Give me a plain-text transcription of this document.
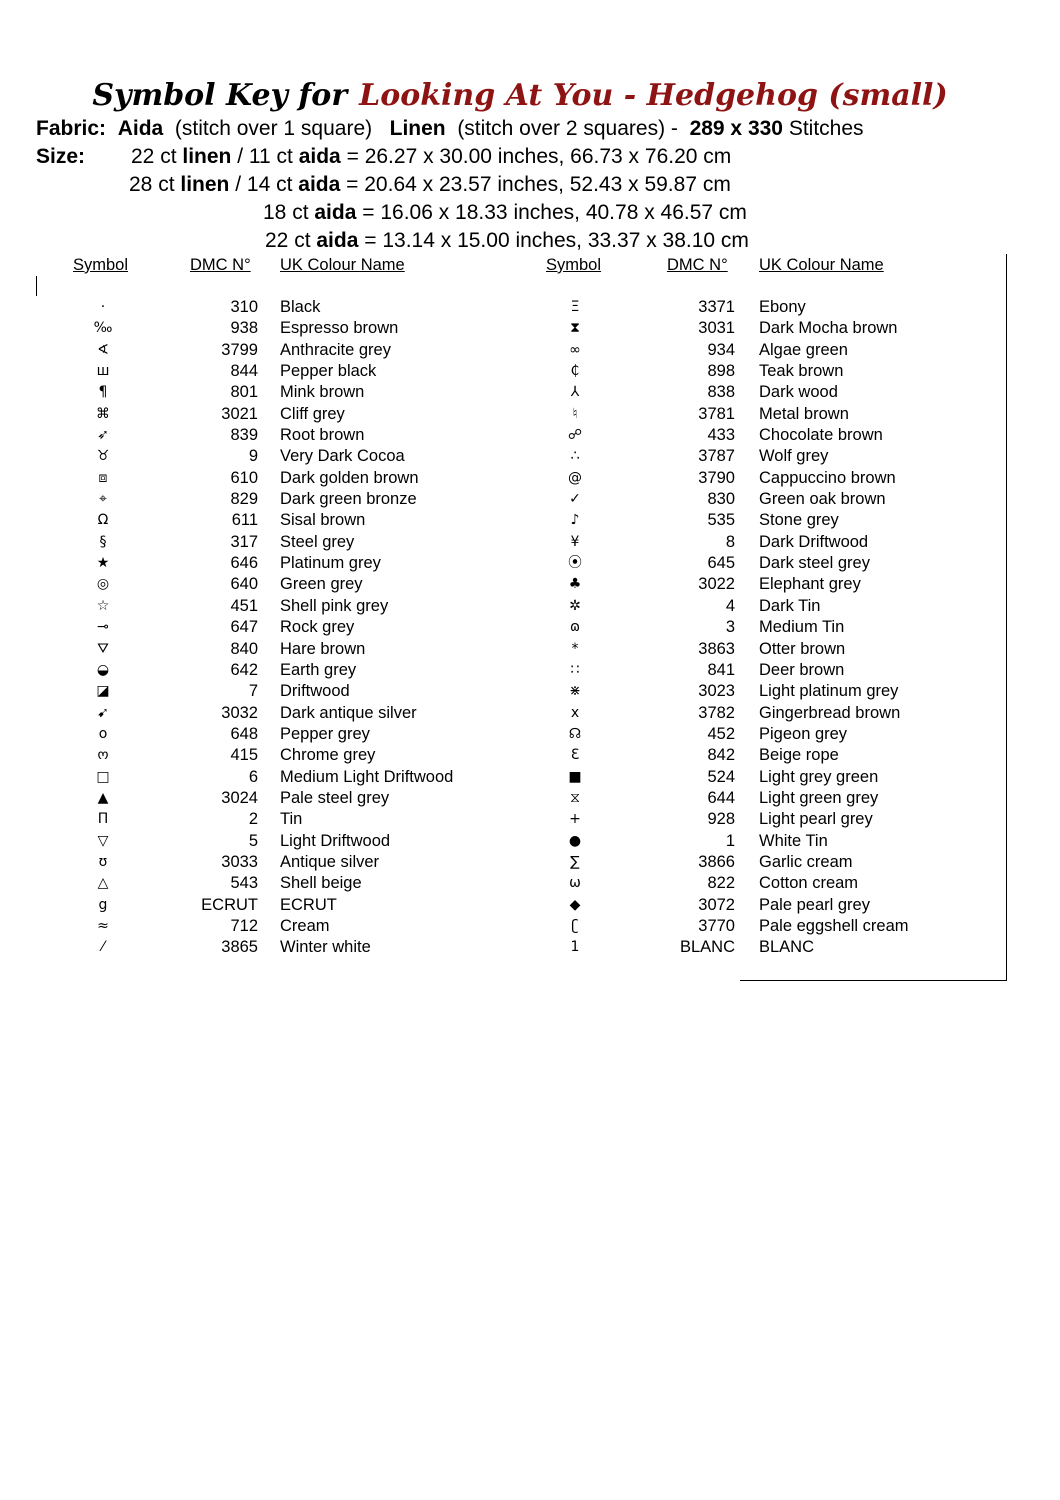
Symbol Key for Looking At You - Hedgehog (small)
Fabric: Aida (stitch over 1 square) Linen (stitch over 2 squares) - 289 x 330 Stitches
Size: 22 ct linen / 11 ct aida = 26.27 x 30.00 inches, 66.73 x 76.20 cm
28 ct linen / 14 ct aida = 20.64 x 23.57 inches, 52.43 x 59.87 cm
18 ct aida = 16.06 x 18.33 inches, 40.78 x 46.57 cm
22 ct aida = 13.14 x 15.00 inches, 33.37 x 38.10 cm
Symbol	DMC N° UK Colour Name	Symbol	DMC N° UK Colour Name
·	310 Black	Ξ	3371 Ebony
‰	938 Espresso brown	⧗	3031 Dark Mocha brown
∢	3799 Anthracite grey	∞	934 Algae green
ш	844 Pepper black	₵	898 Teak brown
¶	801 Mink brown	⅄	838 Dark wood
⌘	3021 Cliff grey	♮	3781 Metal brown
➶	839 Root brown	☍	433 Chocolate brown
♉	9 Very Dark Cocoa	∴	3787 Wolf grey
⧈	610 Dark golden brown	@	3790 Cappuccino brown
⌖	829 Dark green bronze	✓	830 Green oak brown
Ω	611 Sisal brown	♪	535 Stone grey
§	317 Steel grey	¥	8 Dark Driftwood
★	646 Platinum grey	⦿	645 Dark steel grey
◎	640 Green grey	♣	3022 Elephant grey
☆	451 Shell pink grey	✲	4 Dark Tin
⊸	647 Rock grey	ɷ	3 Medium Tin
⛛	840 Hare brown	*	3863 Otter brown
◒	642 Earth grey	∷	841 Deer brown
◪	7 Driftwood	⋇	3023 Light platinum grey
➹	3032 Dark antique silver	x	3782 Gingerbread brown
o	648 Pepper grey	☊	452 Pigeon grey
ო	415 Chrome grey	Ɛ	842 Beige rope
□	6 Medium Light Driftwood	■	524 Light grey green
▲	3024 Pale steel grey	⧖	644 Light green grey
Π	2 Tin	+	928 Light pearl grey
▽	5 Light Driftwood	●	1 White Tin
ʊ	3033 Antique silver	∑	3866 Garlic cream
△	543 Shell beige	ω	822 Cotton cream
g	ECRUT ECRUT	◆	3072 Pale pearl grey
≈	712 Cream	ʗ	3770 Pale eggshell cream
⁄	3865 Winter white	1	BLANC BLANC
